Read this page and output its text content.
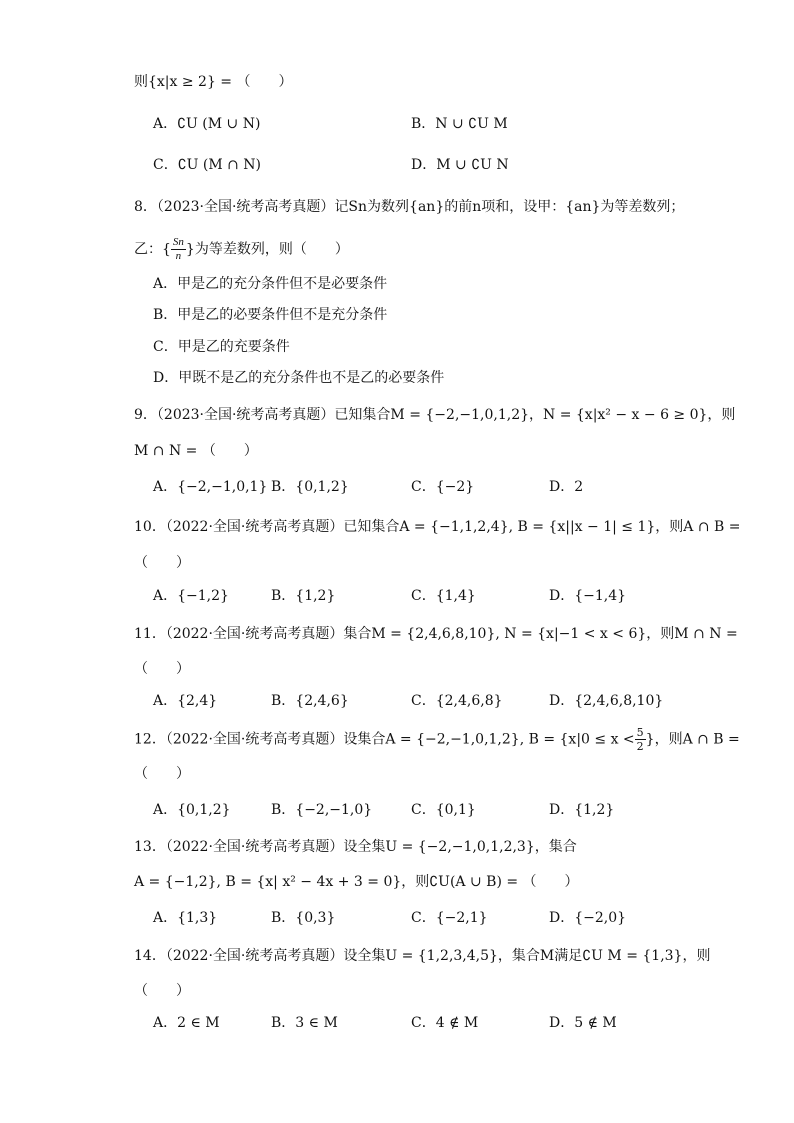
则{x|x ≥ 2} = （　　）
A．∁U (M ∪ N)	B．N ∪ ∁U M
C．∁U (M ∩ N)	D．M ∪ ∁U N
8．（2023·全国·统考高考真题）记Sn为数列{an}的前n项和，设甲：{an}为等差数列；
乙：{ $\frac{Sn}{n}$ }为等差数列，则（　　）
A．甲是乙的充分条件但不是必要条件
B．甲是乙的必要条件但不是充分条件
C．甲是乙的充要条件
D．甲既不是乙的充分条件也不是乙的必要条件
9．（2023·全国·统考高考真题）已知集合M = {−2,−1,0,1,2}，N = {x|x² − x − 6 ≥ 0}，则
M ∩ N = （　　）
A．{−2,−1,0,1} B．{0,1,2}	C．{−2}	D．2
10．（2022·全国·统考高考真题）已知集合A = {−1,1,2,4}, B = {x||x − 1| ≤ 1}，则A ∩ B =
（　　）
A．{−1,2}	B．{1,2}	C．{1,4}	D．{−1,4}
11．（2022·全国·统考高考真题）集合M = {2,4,6,8,10}, N = {x|−1 < x < 6}，则M ∩ N =
（　　）
A．{2,4}	B．{2,4,6}	C．{2,4,6,8}	D．{2,4,6,8,10}
12．（2022·全国·统考高考真题）设集合A = {−2,−1,0,1,2}, $B = \{x|0 \le x < \frac{5}{2}$ }，则A ∩ B =
（　　）
A．{0,1,2}	B．{−2,−1,0}	C．{0,1}	D．{1,2}
13．（2022·全国·统考高考真题）设全集U = {−2,−1,0,1,2,3}，集合
A = {−1,2}, B = {x| x² − 4x + 3 = 0}，则∁U(A ∪ B) = （　　）
A．{1,3}	B．{0,3}	C．{−2,1}	D．{−2,0}
14．（2022·全国·统考高考真题）设全集U = {1,2,3,4,5}，集合M满足∁U M = {1,3}，则
（　　）
A．2 ∈ M	B．3 ∈ M	C．4 ∉ M	D．5 ∉ M
